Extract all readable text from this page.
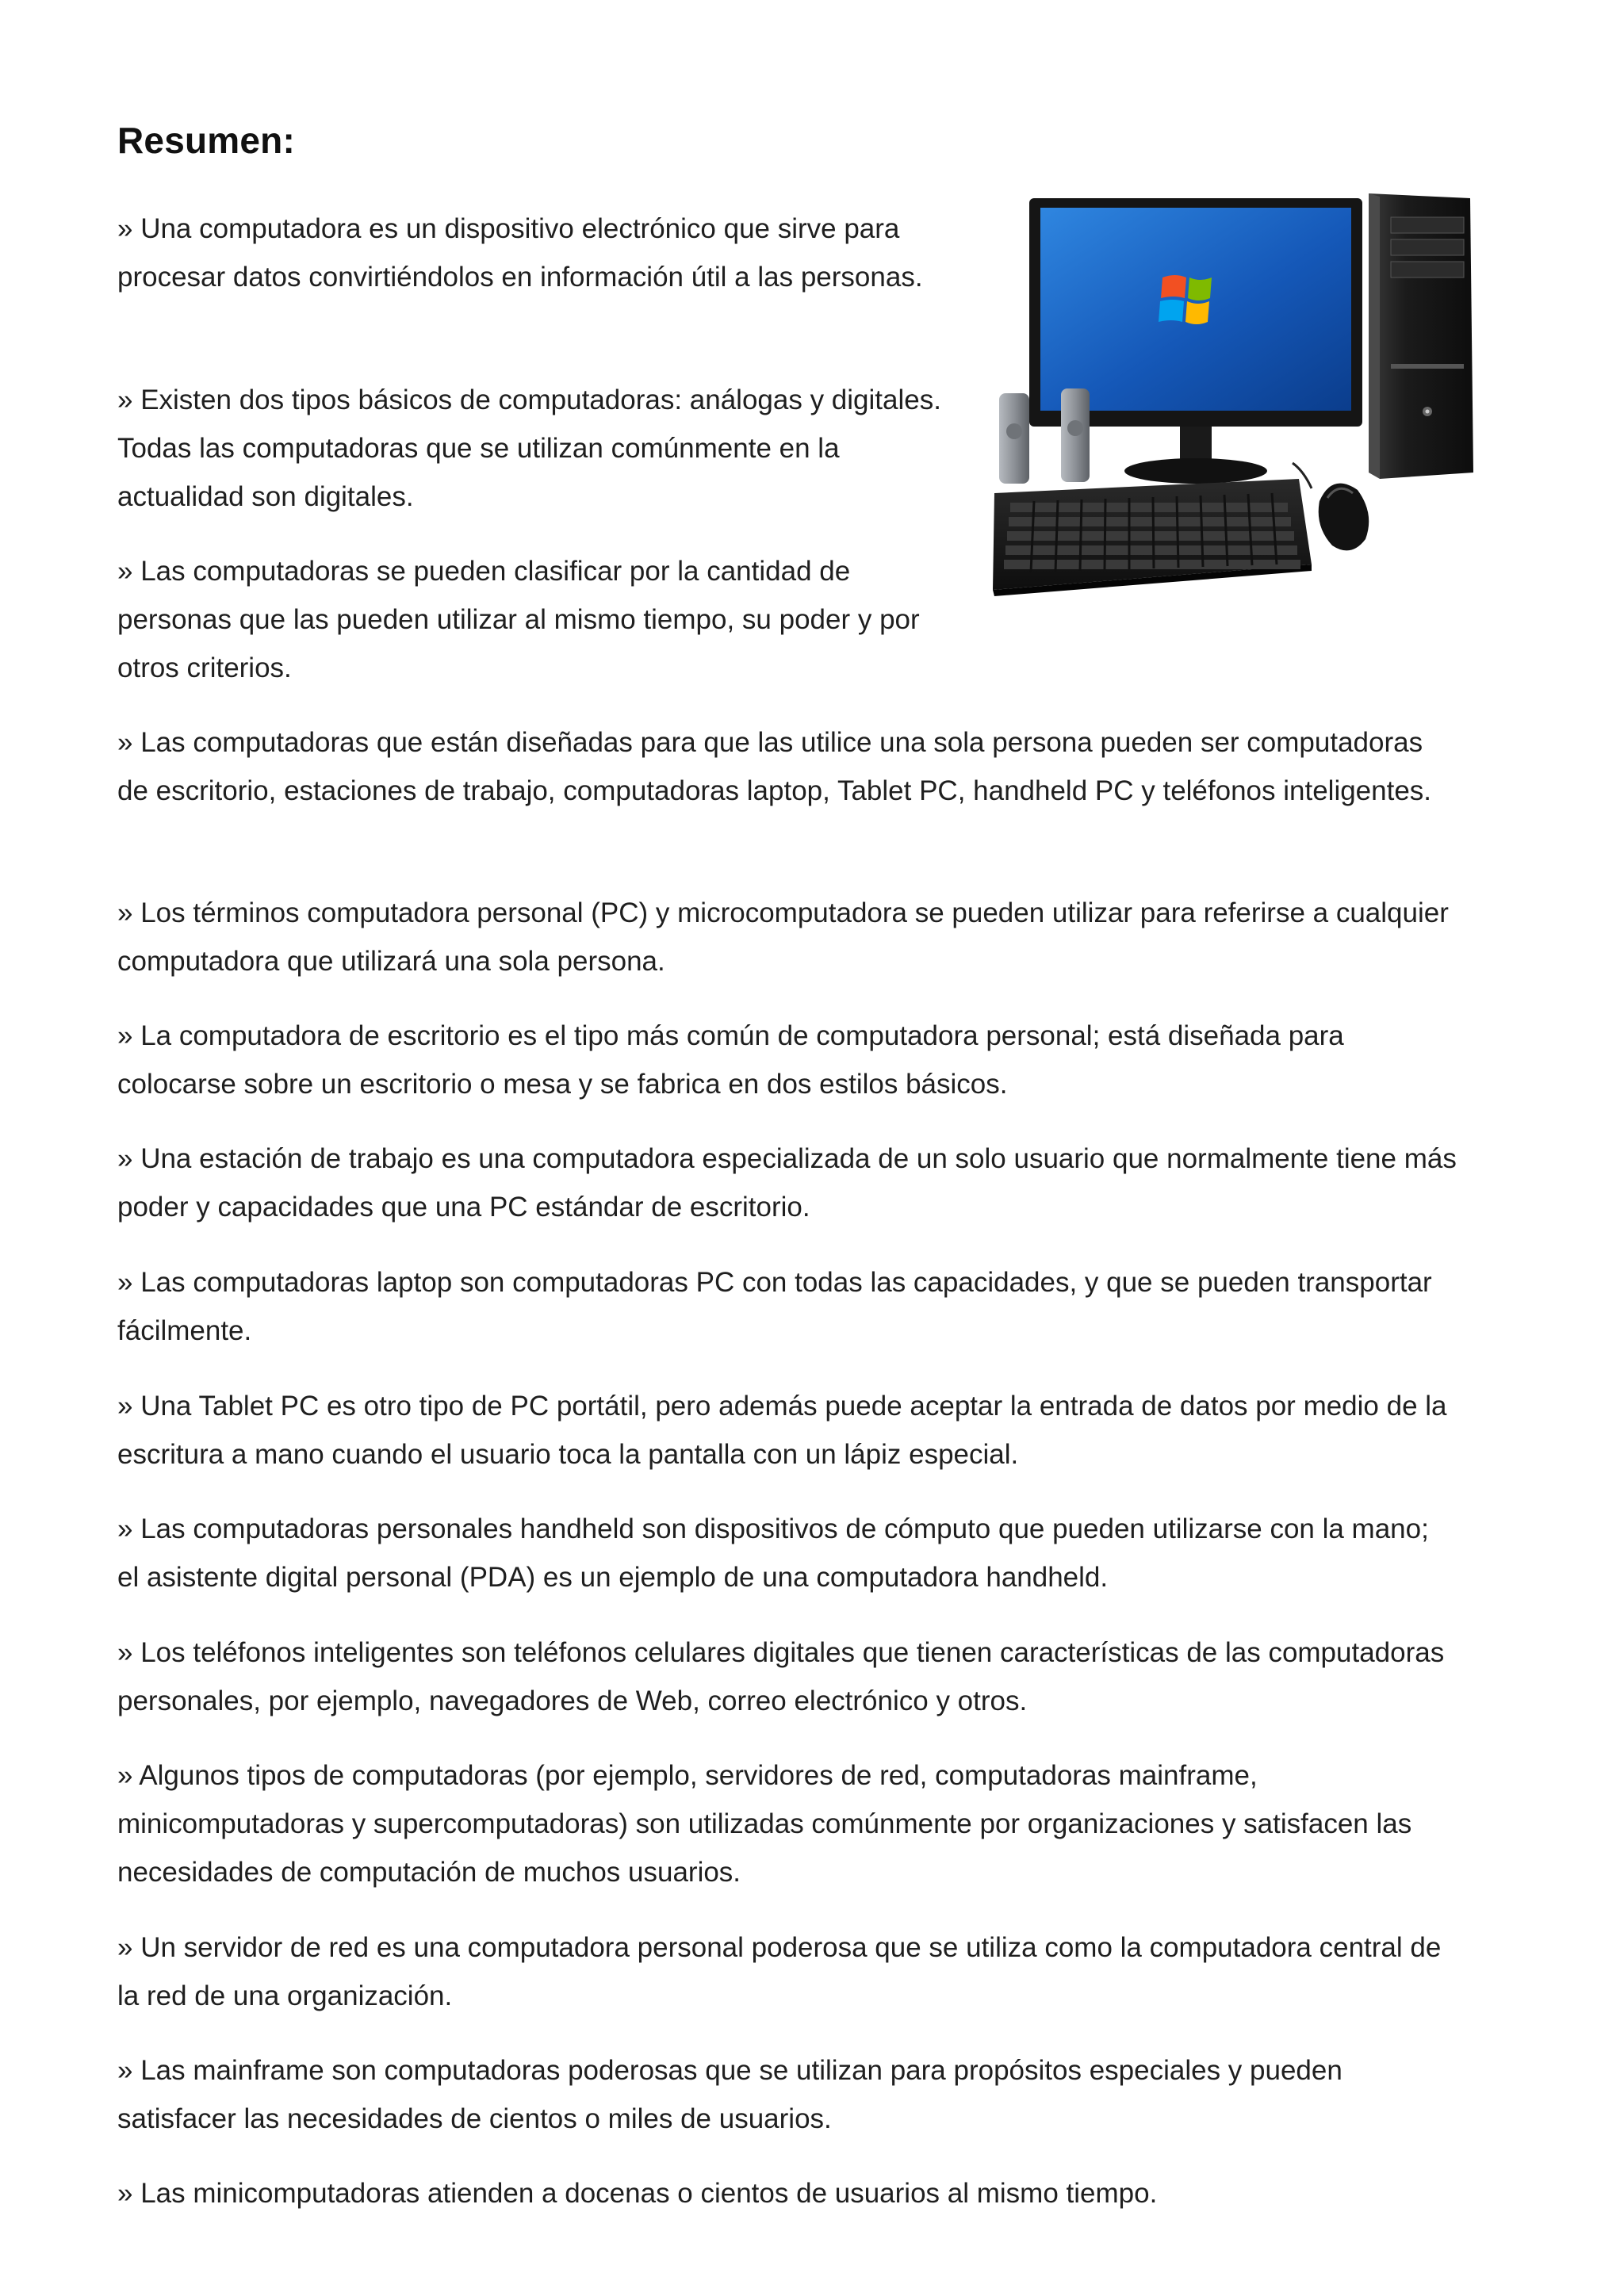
Resumen:

» Una computadora es un dispositivo electrónico que sirve para procesar datos convirtiéndolos en información útil a las personas.

» Existen dos tipos básicos de computadoras: análogas y digitales. Todas las computadoras que se utilizan comúnmente en la actualidad son digitales.

» Las computadoras se pueden clasificar por la cantidad de personas que las pueden utilizar al mismo tiempo, su poder y por otros criterios.

» Las computadoras que están diseñadas para que las utilice una sola persona pueden ser computadoras de escritorio, estaciones de trabajo, computadoras laptop, Tablet PC, handheld PC y teléfonos inteligentes.

» Los términos computadora personal (PC) y microcomputadora se pueden utilizar para referirse a cualquier computadora que utilizará una sola persona.

» La computadora de escritorio es el tipo más común de computadora personal; está diseñada para colocarse sobre un escritorio o mesa y se fabrica en dos estilos básicos.

» Una estación de trabajo es una computadora especializada de un solo usuario que normalmente tiene más poder y capacidades que una PC estándar de escritorio.

» Las computadoras laptop son computadoras PC con todas las capacidades, y que se pueden transportar fácilmente.

» Una Tablet PC es otro tipo de PC portátil, pero además puede aceptar la entrada de datos por medio de la escritura a mano cuando el usuario toca la pantalla con un lápiz especial.

» Las computadoras personales handheld son dispositivos de cómputo que pueden utilizarse con la mano; el asistente digital personal (PDA) es un ejemplo de una computadora handheld.

» Los teléfonos inteligentes son teléfonos celulares digitales que tienen características de las computadoras personales, por ejemplo, navegadores de Web, correo electrónico y otros.

» Algunos tipos de computadoras (por ejemplo, servidores de red, computadoras mainframe, minicomputadoras y supercomputadoras) son utilizadas comúnmente por organizaciones y satisfacen las necesidades de computación de muchos usuarios.

» Un servidor de red es una computadora personal poderosa que se utiliza como la computadora central de la red de una organización.

» Las mainframe son computadoras poderosas que se utilizan para propósitos especiales y pueden satisfacer las necesidades de cientos o miles de usuarios.

» Las minicomputadoras atienden a docenas o cientos de usuarios al mismo tiempo.
